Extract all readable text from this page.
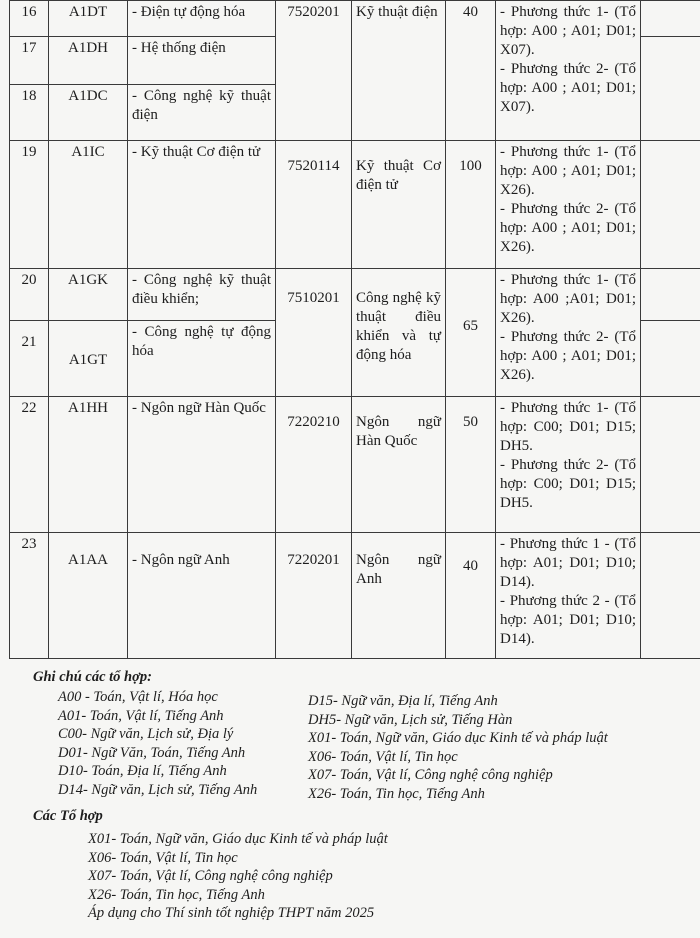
16	A1DT	- Điện tự động hóa	7520201	Kỹ thuật điện	40	- Phương thức 1- (Tổ hợp: A00 ; A01; D01; X07).
- Phương thức 2- (Tổ hợp: A00 ; A01; D01; X07).	

17	A1DH	- Hệ thống điện					
18	A1DC	- Công nghệ kỹ thuật điện					
19	A1IC	- Kỹ thuật Cơ điện tử	7520114	Kỹ thuật Cơ điện tử	100	- Phương thức 1- (Tổ hợp: A00 ; A01; D01; X26).
- Phương thức 2- (Tổ hợp: A00 ; A01; D01; X26).	

20	A1GK	- Công nghệ kỹ thuật điều khiển;	7510201	Công nghệ kỹ thuật điều khiển và tự động hóa	65	- Phương thức 1- (Tổ hợp: A00 ;A01; D01; X26).
- Phương thức 2- (Tổ hợp: A00 ; A01; D01; X26).	

21	A1GT	- Công nghệ tự động hóa					
22	A1HH	- Ngôn ngữ Hàn Quốc	7220210	Ngôn ngữ Hàn Quốc	50	- Phương thức 1- (Tổ hợp: C00; D01; D15; DH5.
- Phương thức 2- (Tổ hợp: C00; D01; D15; DH5.	

23	A1AA	- Ngôn ngữ Anh	7220201	Ngôn ngữ Anh	40	- Phương thức 1 - (Tổ hợp: A01; D01; D10; D14).
- Phương thức 2 - (Tổ hợp: A01; D01; D10; D14).	

Ghi chú các tổ hợp:
A00 - Toán, Vật lí, Hóa học
A01- Toán, Vật lí, Tiếng Anh
C00- Ngữ văn, Lịch sử, Địa lý
D01- Ngữ Văn, Toán, Tiếng Anh
D10- Toán, Địa lí, Tiếng Anh
D14- Ngữ văn, Lịch sử, Tiếng Anh
D15- Ngữ văn, Địa lí, Tiếng Anh
DH5- Ngữ văn, Lịch sử, Tiếng Hàn
X01- Toán, Ngữ văn, Giáo dục Kinh tế và pháp luật
X06- Toán, Vật lí, Tin học
X07- Toán, Vật lí, Công nghệ công nghiệp
X26- Toán, Tin học, Tiếng Anh
Các Tổ hợp
X01- Toán, Ngữ văn, Giáo dục Kinh tế và pháp luật
X06- Toán, Vật lí, Tin học
X07- Toán, Vật lí, Công nghệ công nghiệp
X26- Toán, Tin học, Tiếng Anh
Áp dụng cho Thí sinh tốt nghiệp THPT năm 2025
